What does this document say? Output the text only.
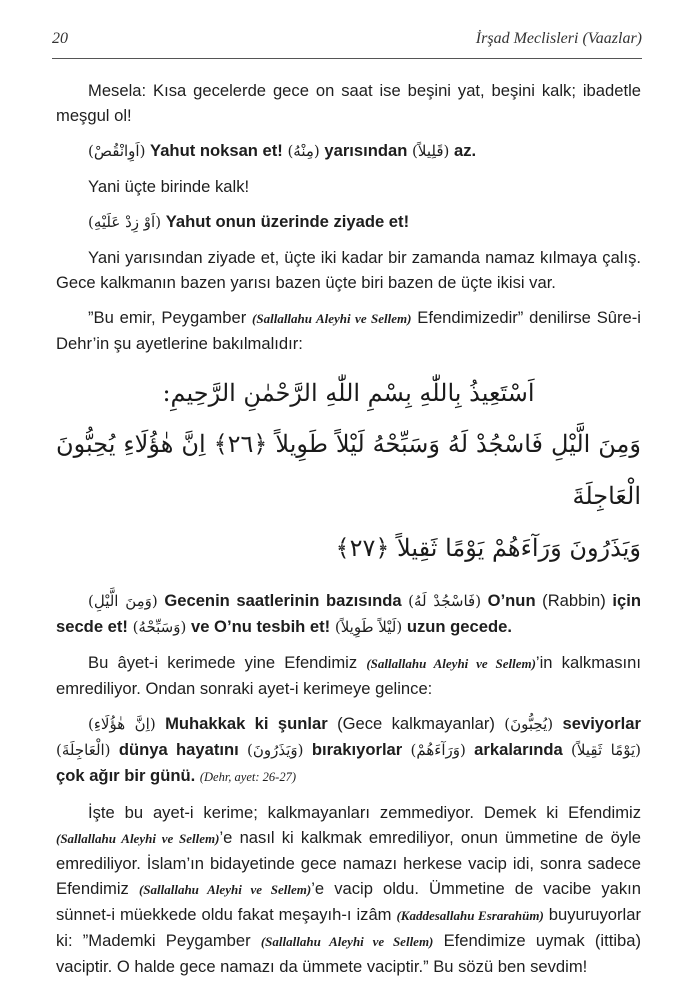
20	İrşad Meclisleri (Vaazlar)

Mesela: Kısa gecelerde gece on saat ise beşini yat, beşini kalk; ibadetle meşgul ol!

(اَوِانْقُصْ) Yahut noksan et! (مِنْهُ) yarısından (قَلِيلاً) az.

Yani üçte birinde kalk!

(اَوْ زِدْ عَلَيْهِ) Yahut onun üzerinde ziyade et!

Yani yarısından ziyade et, üçte iki kadar bir zamanda namaz kılmaya çalış. Gece kalkmanın bazen yarısı bazen üçte biri bazen de üçte ikisi var.

”Bu emir, Peygamber (Sallallahu Aleyhi ve Sellem) Efendimizedir” denilirse Sûre-i Dehr’in şu ayetlerine bakılmalıdır:

اَسْتَعِيذُ بِاللّٰهِ بِسْمِ اللّٰهِ الرَّحْمٰنِ الرَّحِيمِ:
وَمِنَ الَّيْلِ فَاسْجُدْ لَهُ وَسَبِّحْهُ لَيْلاً طَوِيلاً ﴿٢٦﴾ اِنَّ هٰؤُلَاءِ يُحِبُّونَ الْعَاجِلَةَ
وَيَذَرُونَ وَرَآءَهُمْ يَوْمًا ثَقِيلاً ﴿٢٧﴾

(وَمِنَ الَّيْلِ) Gecenin saatlerinin bazısında (فَاسْجُدْ لَهُ) O’nun (Rabbin) için secde et! (وَسَبِّحْهُ) ve O’nu tesbih et! (لَيْلاً طَوِيلاً) uzun gecede.

Bu âyet-i kerimede yine Efendimiz (Sallallahu Aleyhi ve Sellem)’in kalkmasını emrediliyor. Ondan sonraki ayet-i kerimeye gelince:

(اِنَّ هٰؤُلَاءِ) Muhakkak ki şunlar (Gece kalkmayanlar) (يُحِبُّونَ) seviyorlar (الْعَاجِلَةَ) dünya hayatını (وَيَذَرُونَ) bırakıyorlar (وَرَآءَهُمْ) arkalarında (يَوْمًا ثَقِيلاً) çok ağır bir günü. (Dehr, ayet: 26-27)

İşte bu ayet-i kerime; kalkmayanları zemmediyor. Demek ki Efendimiz (Sallallahu Aleyhi ve Sellem)’e nasıl ki kalkmak emrediliyor, onun ümmetine de öyle emrediliyor. İslam’ın bidayetinde gece namazı herkese vacip idi, sonra sadece Efendimiz (Sallallahu Aleyhi ve Sellem)’e vacip oldu. Ümmetine de vacibe yakın sünnet-i müekkede oldu fakat meşayıh-ı izâm (Kaddesallahu Esrarahüm) buyuruyorlar ki: ”Mademki Peygamber (Sallallahu Aleyhi ve Sellem) Efendimize uymak (ittiba) vaciptir. O halde gece namazı da ümmete vaciptir.” Bu sözü ben sevdim!
